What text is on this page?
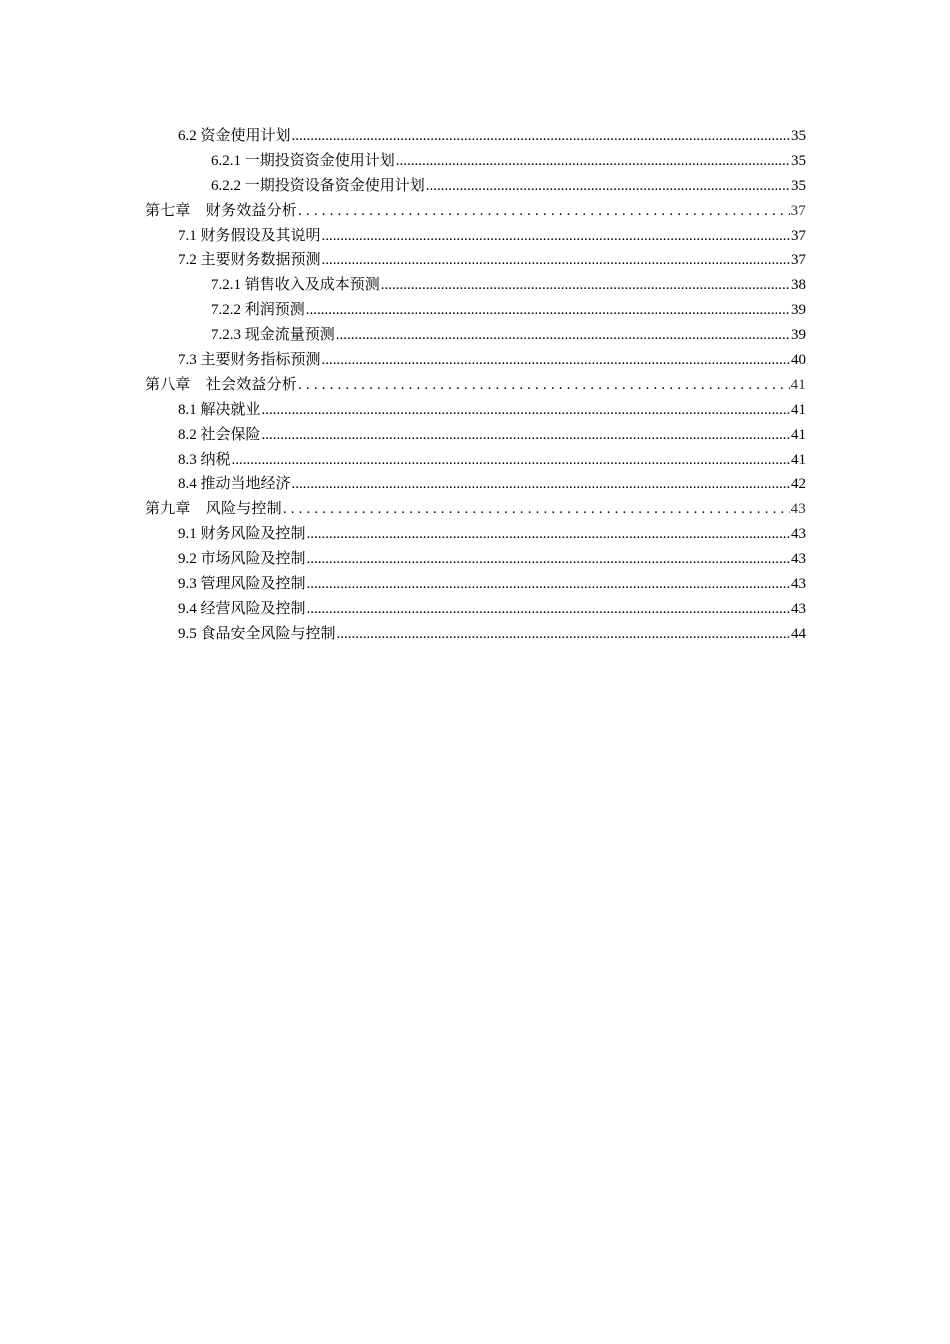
6.2 资金使用计划 .....	35
6.2.1 一期投资资金使用计划 .....	35
6.2.2 一期投资设备资金使用计划 .....	35
第七章　财务效益分析 . . .	37
7.1 财务假设及其说明 .....	37
7.2 主要财务数据预测 .....	37
7.2.1 销售收入及成本预测 .....	38
7.2.2 利润预测 .....	39
7.2.3 现金流量预测 .....	39
7.3 主要财务指标预测 .....	40
第八章　社会效益分析 . . .	41
8.1 解决就业 .....	41
8.2 社会保险 .....	41
8.3 纳税 .....	41
8.4 推动当地经济 .....	42
第九章　风险与控制 . . .	43
9.1 财务风险及控制 .....	43
9.2 市场风险及控制 .....	43
9.3 管理风险及控制 .....	43
9.4 经营风险及控制 .....	43
9.5 食品安全风险与控制 .....	44
